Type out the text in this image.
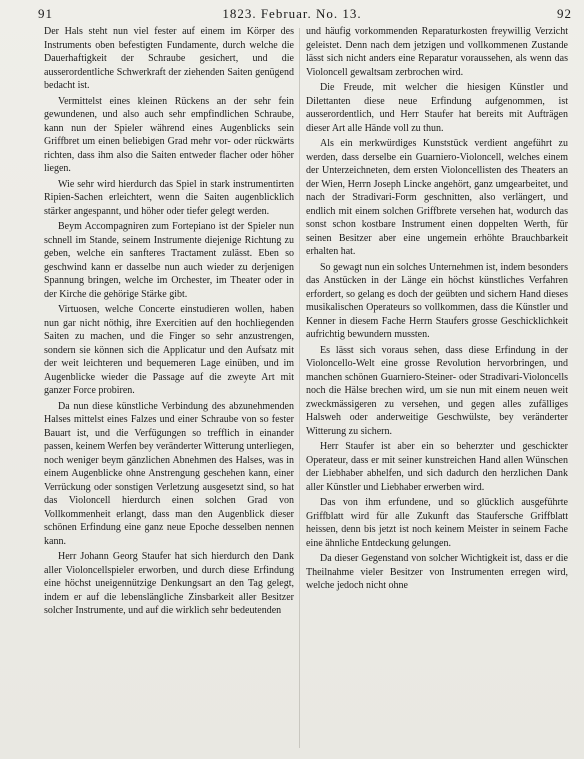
91	1823. Februar. No. 13.	92

Der Hals steht nun viel fester auf einem im Körper des Instruments oben befestigten Fundamente, durch welche die Dauerhaftigkeit der Schraube gesichert, und die ausserordentliche Schwerkraft der ziehenden Saiten genügend bedacht ist.

Vermittelst eines kleinen Rückens an der sehr fein gewundenen, und also auch sehr empfindlichen Schraube, kann nun der Spieler während eines Augenblicks sein Griffbret um einen beliebigen Grad mehr vor- oder rückwärts richten, dass ihm also die Saiten entweder flacher oder höher liegen.

Wie sehr wird hierdurch das Spiel in stark instrumentirten Ripien-Sachen erleichtert, wenn die Saiten augenblicklich stärker angespannt, und höher oder tiefer gelegt werden.

Beym Accompagniren zum Fortepiano ist der Spieler nun schnell im Stande, seinem Instrumente diejenige Richtung zu geben, welche ein sanfteres Tractament zulässt. Eben so geschwind kann er dasselbe nun auch wieder zu derjenigen Spannung bringen, welche im Orchester, im Theater oder in der Kirche die gehörige Stärke gibt.

Virtuosen, welche Concerte einstudieren wollen, haben nun gar nicht nöthig, ihre Exercitien auf den hochliegenden Saiten zu machen, und die Finger so sehr anzustrengen, sondern sie können sich die Applicatur und den Aufsatz mit der weit leichteren und bequemeren Lage einüben, und im Augenblicke wieder die Passage auf die zweyte Art mit ganzer Force probiren.

Da nun diese künstliche Verbindung des abzunehmenden Halses mittelst eines Falzes und einer Schraube von so fester Bauart ist, und die Verfügungen so trefflich in einander passen, keinem Werfen bey veränderter Witterung unterliegen, noch weniger beym gänzlichen Abnehmen des Halses, was in einem Augenblicke ohne Anstrengung geschehen kann, einer Verrückung oder sonstigen Verletzung ausgesetzt sind, so hat das Violoncell hierdurch einen solchen Grad von Vollkommenheit erlangt, dass man den Augenblick dieser schönen Erfindung eine ganz neue Epoche desselben nennen kann.

Herr Johann Georg Staufer hat sich hierdurch den Dank aller Violoncellspieler erworben, und durch diese Erfindung eine höchst uneigennützige Denkungsart an den Tag gelegt, indem er auf die lebenslängliche Zinsbarkeit aller Besitzer solcher Instrumente, und auf die wirklich sehr bedeutenden

und häufig vorkommenden Reparaturkosten freywillig Verzicht geleistet. Denn nach dem jetzigen und vollkommenen Zustande lässt sich nicht anders eine Reparatur voraussehen, als wenn das Violoncell gewaltsam zerbrochen wird.

Die Freude, mit welcher die hiesigen Künstler und Dilettanten diese neue Erfindung aufgenommen, ist ausserordentlich, und Herr Staufer hat bereits mit Aufträgen dieser Art alle Hände voll zu thun.

Als ein merkwürdiges Kunststück verdient angeführt zu werden, dass derselbe ein Guarniero-Violoncell, welches einem der Unterzeichneten, dem ersten Violoncellisten des Theaters an der Wien, Herrn Joseph Lincke angehört, ganz umgearbeitet, und nach der Stradivari-Form geschnitten, also verlängert, und endlich mit einem solchen Griffbrete versehen hat, wodurch das sonst schon kostbare Instrument einen doppelten Werth, für seinen Besitzer aber eine ungemein erhöhte Brauchbarkeit erhalten hat.

So gewagt nun ein solches Unternehmen ist, indem besonders das Anstücken in der Länge ein höchst künstliches Verfahren erfordert, so gelang es doch der geübten und sichern Hand dieses musikalischen Operateurs so vollkommen, dass die Künstler und Kenner in diesem Fache Herrn Staufers grosse Geschicklichkeit aufrichtig bewundern mussten.

Es lässt sich voraus sehen, dass diese Erfindung in der Violoncello-Welt eine grosse Revolution hervorbringen, und manchen schönen Guarniero-Steiner- oder Stradivari-Violoncells noch die Hälse brechen wird, um sie nun mit einem neuen weit zweckmässigeren zu versehen, und gegen alles zufälliges Halsweh oder anderweitige Geschwülste, bey veränderter Witterung zu sichern.

Herr Staufer ist aber ein so beherzter und geschickter Operateur, dass er mit seiner kunstreichen Hand allen Wünschen der Liebhaber abhelfen, und sich dadurch den herzlichen Dank aller Künstler und Liebhaber erwerben wird.

Das von ihm erfundene, und so glücklich ausgeführte Griffblatt wird für alle Zukunft das Staufersche Griffblatt heissen, denn bis jetzt ist noch keinem Meister in seinem Fache eine ähnliche Entdeckung gelungen.

Da dieser Gegenstand von solcher Wichtigkeit ist, dass er die Theilnahme vieler Besitzer von Instrumenten erregen wird, welche jedoch nicht ohne
